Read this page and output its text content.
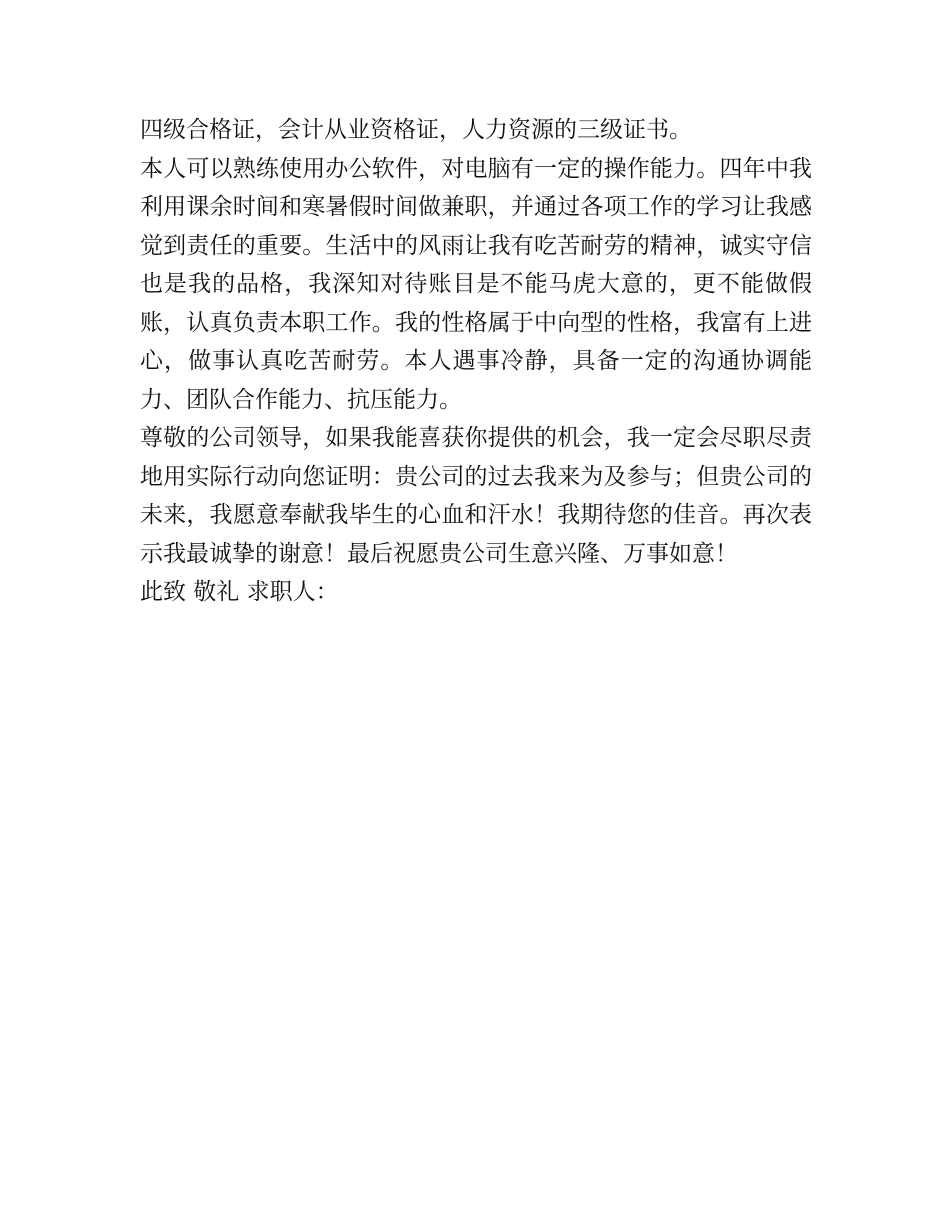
四级合格证，会计从业资格证，人力资源的三级证书。

本人可以熟练使用办公软件，对电脑有一定的操作能力。四年中我利用课余时间和寒暑假时间做兼职，并通过各项工作的学习让我感觉到责任的重要。生活中的风雨让我有吃苦耐劳的精神，诚实守信也是我的品格，我深知对待账目是不能马虎大意的，更不能做假账，认真负责本职工作。我的性格属于中向型的性格，我富有上进心，做事认真吃苦耐劳。本人遇事冷静，具备一定的沟通协调能力、团队合作能力、抗压能力。

尊敬的公司领导，如果我能喜获你提供的机会，我一定会尽职尽责地用实际行动向您证明：贵公司的过去我来为及参与；但贵公司的未来，我愿意奉献我毕生的心血和汗水！我期待您的佳音。再次表示我最诚挚的谢意！最后祝愿贵公司生意兴隆、万事如意！

此致 敬礼 求职人：
